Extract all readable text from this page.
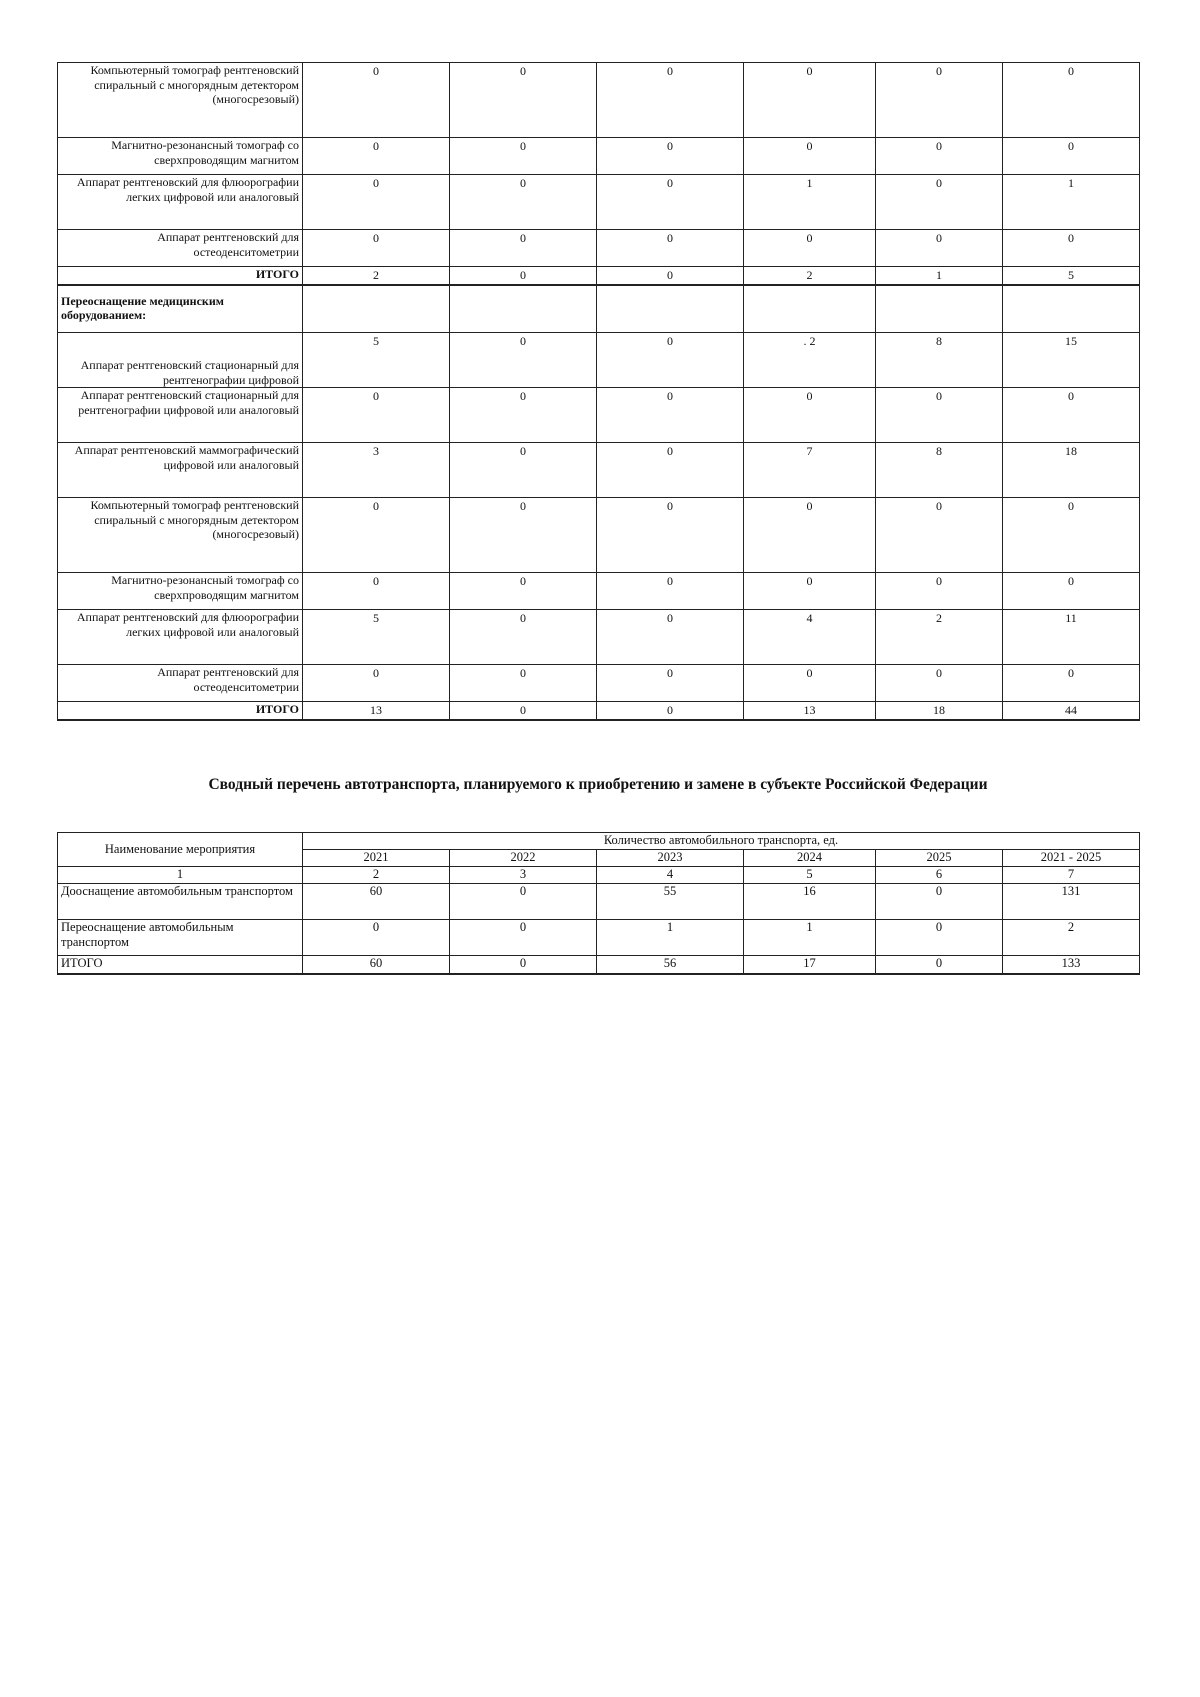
Компьютерный томограф рентгеновский спиральный с многорядным детектором (многосрезовый)	0	0	0	0	0	0
Магнитно-резонансный томограф со сверхпроводящим магнитом	0	0	0	0	0	0
Аппарат рентгеновский для флюорографии легких цифровой или аналоговый	0	0	0	1	0	1
Аппарат рентгеновский для остеоденситометрии	0	0	0	0	0	0
ИТОГО	2	0	0	2	1	5
Переоснащение медицинским оборудованием:						
Аппарат рентгеновский стационарный для рентгенографии цифровой	5	0	0	. 2	8	15
Аппарат рентгеновский стационарный для рентгенографии цифровой или аналоговый	0	0	0	0	0	0
Аппарат рентгеновский маммографический цифровой или аналоговый	3	0	0	7	8	18
Компьютерный томограф рентгеновский спиральный с многорядным детектором (многосрезовый)	0	0	0	0	0	0
Магнитно-резонансный томограф со сверхпроводящим магнитом	0	0	0	0	0	0
Аппарат рентгеновский для флюорографии легких цифровой или аналоговый	5	0	0	4	2	11
Аппарат рентгеновский для остеоденситометрии	0	0	0	0	0	0
ИТОГО	13	0	0	13	18	44
Сводный перечень автотранспорта, планируемого к приобретению и замене в субъекте Российской Федерации
Наименование мероприятия	Количество автомобильного трансnорта, ед.					
	2021	2022	2023	2024	2025	2021 - 2025
1	2	3	4	5	6	7
Дооснащение автомобильным транспортом	60	0	55	16	0	131
Переоснащение автомобильным транспортом	0	0	1	1	0	2
ИТОГО	60	0	56	17	0	133
